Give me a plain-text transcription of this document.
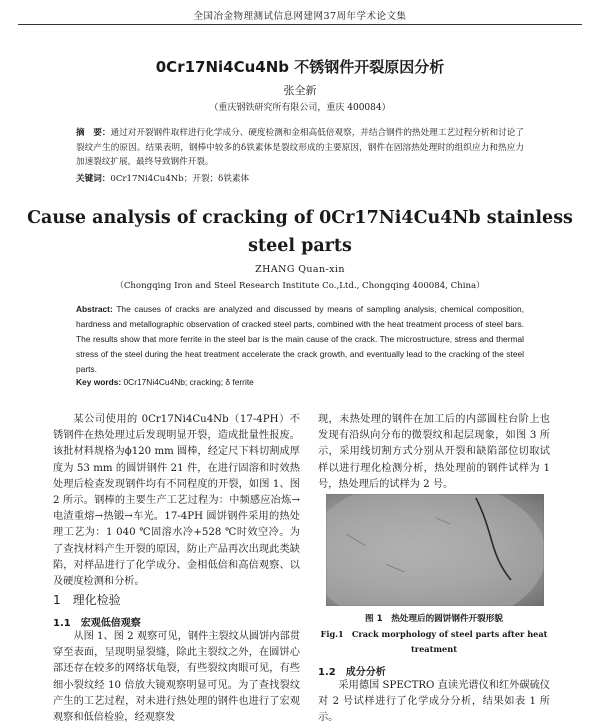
全国冶金物理测试信息网建网37周年学术论文集
0Cr17Ni4Cu4Nb 不锈钢件开裂原因分析
张全新
（重庆钢铁研究所有限公司，重庆 400084）
摘　要：通过对开裂钢件取样进行化学成分、硬度检测和金相高低倍观察，并结合钢件的热处理工艺过程分析和讨论了裂纹产生的原因。结果表明，钢棒中较多的δ铁素体是裂纹形成的主要原因，钢件在固溶热处理时的组织应力和热应力加速裂纹扩展，最终导致钢件开裂。
关键词：0Cr17Ni4Cu4Nb；开裂；δ铁素体
Cause analysis of cracking of 0Cr17Ni4Cu4Nb stainless steel parts
ZHANG Quan-xin
（Chongqing Iron and Steel Research Institute Co.,Ltd., Chongqing 400084, China）
Abstract: The causes of cracks are analyzed and discussed by means of sampling analysis, chemical composition, hardness and metallographic observation of cracked steel parts, combined with the heat treatment process of steel bars. The results show that more ferrite in the steel bar is the main cause of the crack. The microstructure, stress and thermal stress of the steel during the heat treatment accelerate the crack growth, and eventually lead to the cracking of the steel parts.
Key words: 0Cr17Ni4Cu4Nb; cracking; δ ferrite

某公司使用的 0Cr17Ni4Cu4Nb（17-4PH）不锈钢件在热处理过后发现明显开裂，造成批量性报废。该批材料规格为ϕ120 mm 圆棒，经定尺下料切割成厚度为 53 mm 的圆饼钢件 21 件，在进行固溶和时效热处理后检查发现钢件均有不同程度的开裂，如图 1、图 2 所示。钢棒的主要生产工艺过程为：中频感应冶炼→电渣重熔→热锻→车光。17-4PH 圆饼钢件采用的热处理工艺为：1 040 ℃固溶水冷+528 ℃时效空冷。为了查找材料产生开裂的原因，防止产品再次出现此类缺陷，对样品进行了化学成分、金相低倍和高倍观察、以及硬度检测和分析。

1　理化检验
1.1　宏观低倍观察

从图 1、图 2 观察可见，钢件主裂纹从圆饼内部贯穿至表面，呈现明显裂缝，除此主裂纹之外，在圆饼心部还存在较多的网络状龟裂，有些裂纹肉眼可见，有些细小裂纹经 10 倍放大镜观察明显可见。为了查找裂纹产生的工艺过程，对未进行热处理的钢件也进行了宏观观察和低倍检验，经观察发

现，未热处理的钢件在加工后的内部圆柱台阶上也发现有沿纵向分布的微裂纹和起层现象，如图 3 所示，采用线切割方式分别从开裂和缺陷部位切取试样以进行理化检测分析，热处理前的钢件试样为 1 号，热处理后的试样为 2 号。

图 1　热处理后的圆饼钢件开裂形貌
Fig.1　Crack morphology of steel parts after heat treatment
1.2　成分分析

采用德国 SPECTRO 直读光谱仪和红外碳硫仪对 2 号试样进行了化学成分分析，结果如表 1 所示。
